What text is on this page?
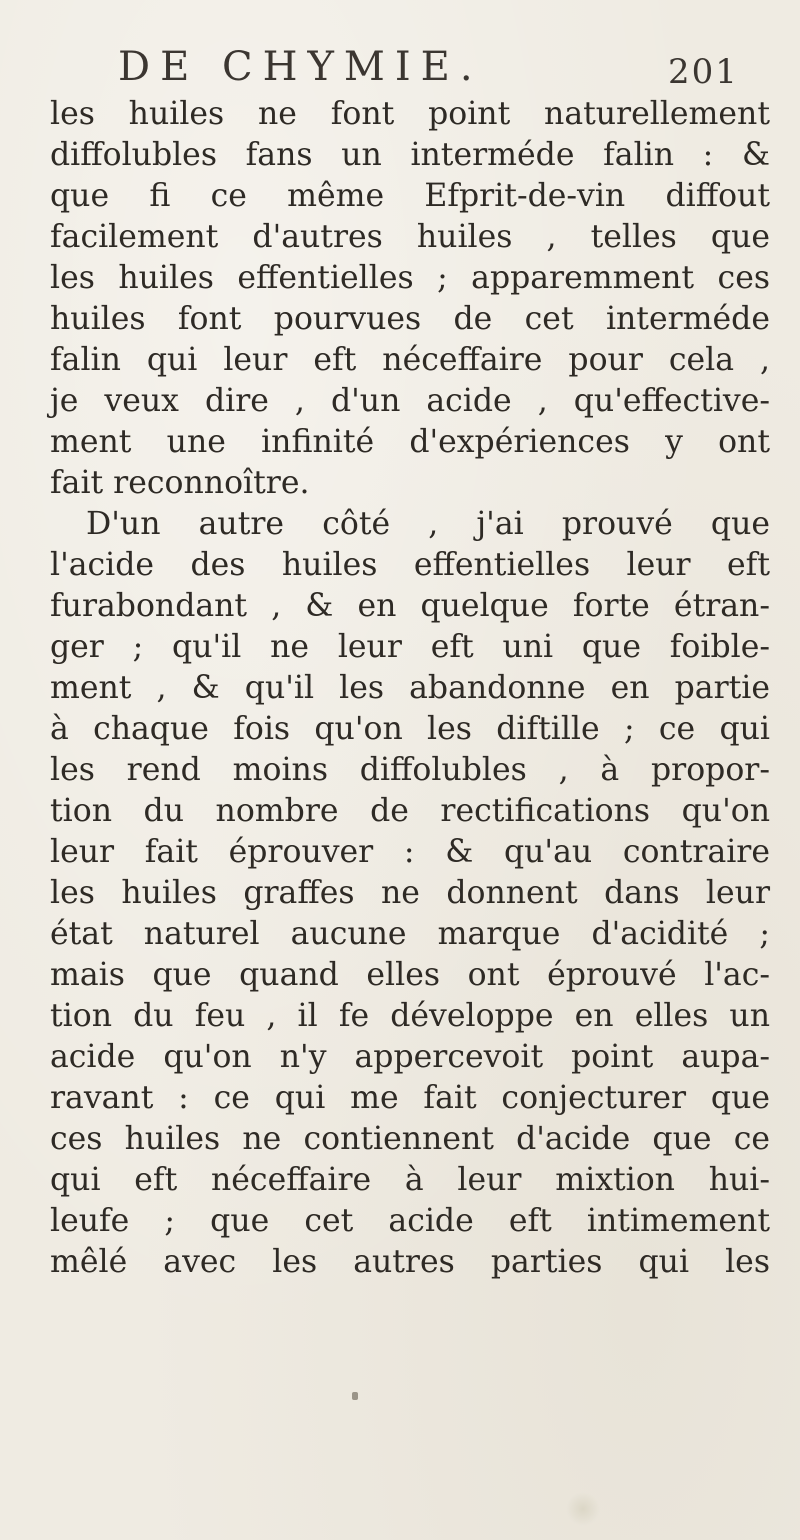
DE CHYMIE.	201
les huiles ne font point naturellement
diffolubles fans un interméde falin : &
que fi ce même Efprit-de-vin diffout
facilement d'autres huiles , telles que
les huiles effentielles ; apparemment ces
huiles font pourvues de cet interméde
falin qui leur eft néceffaire pour cela ,
je veux dire , d'un acide , qu'effective-
ment une infinité d'expériences y ont
fait reconnoître.
D'un autre côté , j'ai prouvé que
l'acide des huiles effentielles leur eft
furabondant , & en quelque forte étran-
ger ; qu'il ne leur eft uni que foible-
ment , & qu'il les abandonne en partie
à chaque fois qu'on les diftille ; ce qui
les rend moins diffolubles , à propor-
tion du nombre de rectifications qu'on
leur fait éprouver : & qu'au contraire
les huiles graffes ne donnent dans leur
état naturel aucune marque d'acidité ;
mais que quand elles ont éprouvé l'ac-
tion du feu , il fe développe en elles un
acide qu'on n'y appercevoit point aupa-
ravant : ce qui me fait conjecturer que
ces huiles ne contiennent d'acide que ce
qui eft néceffaire à leur mixtion hui-
leufe ; que cet acide eft intimement
mêlé avec les autres parties qui les
